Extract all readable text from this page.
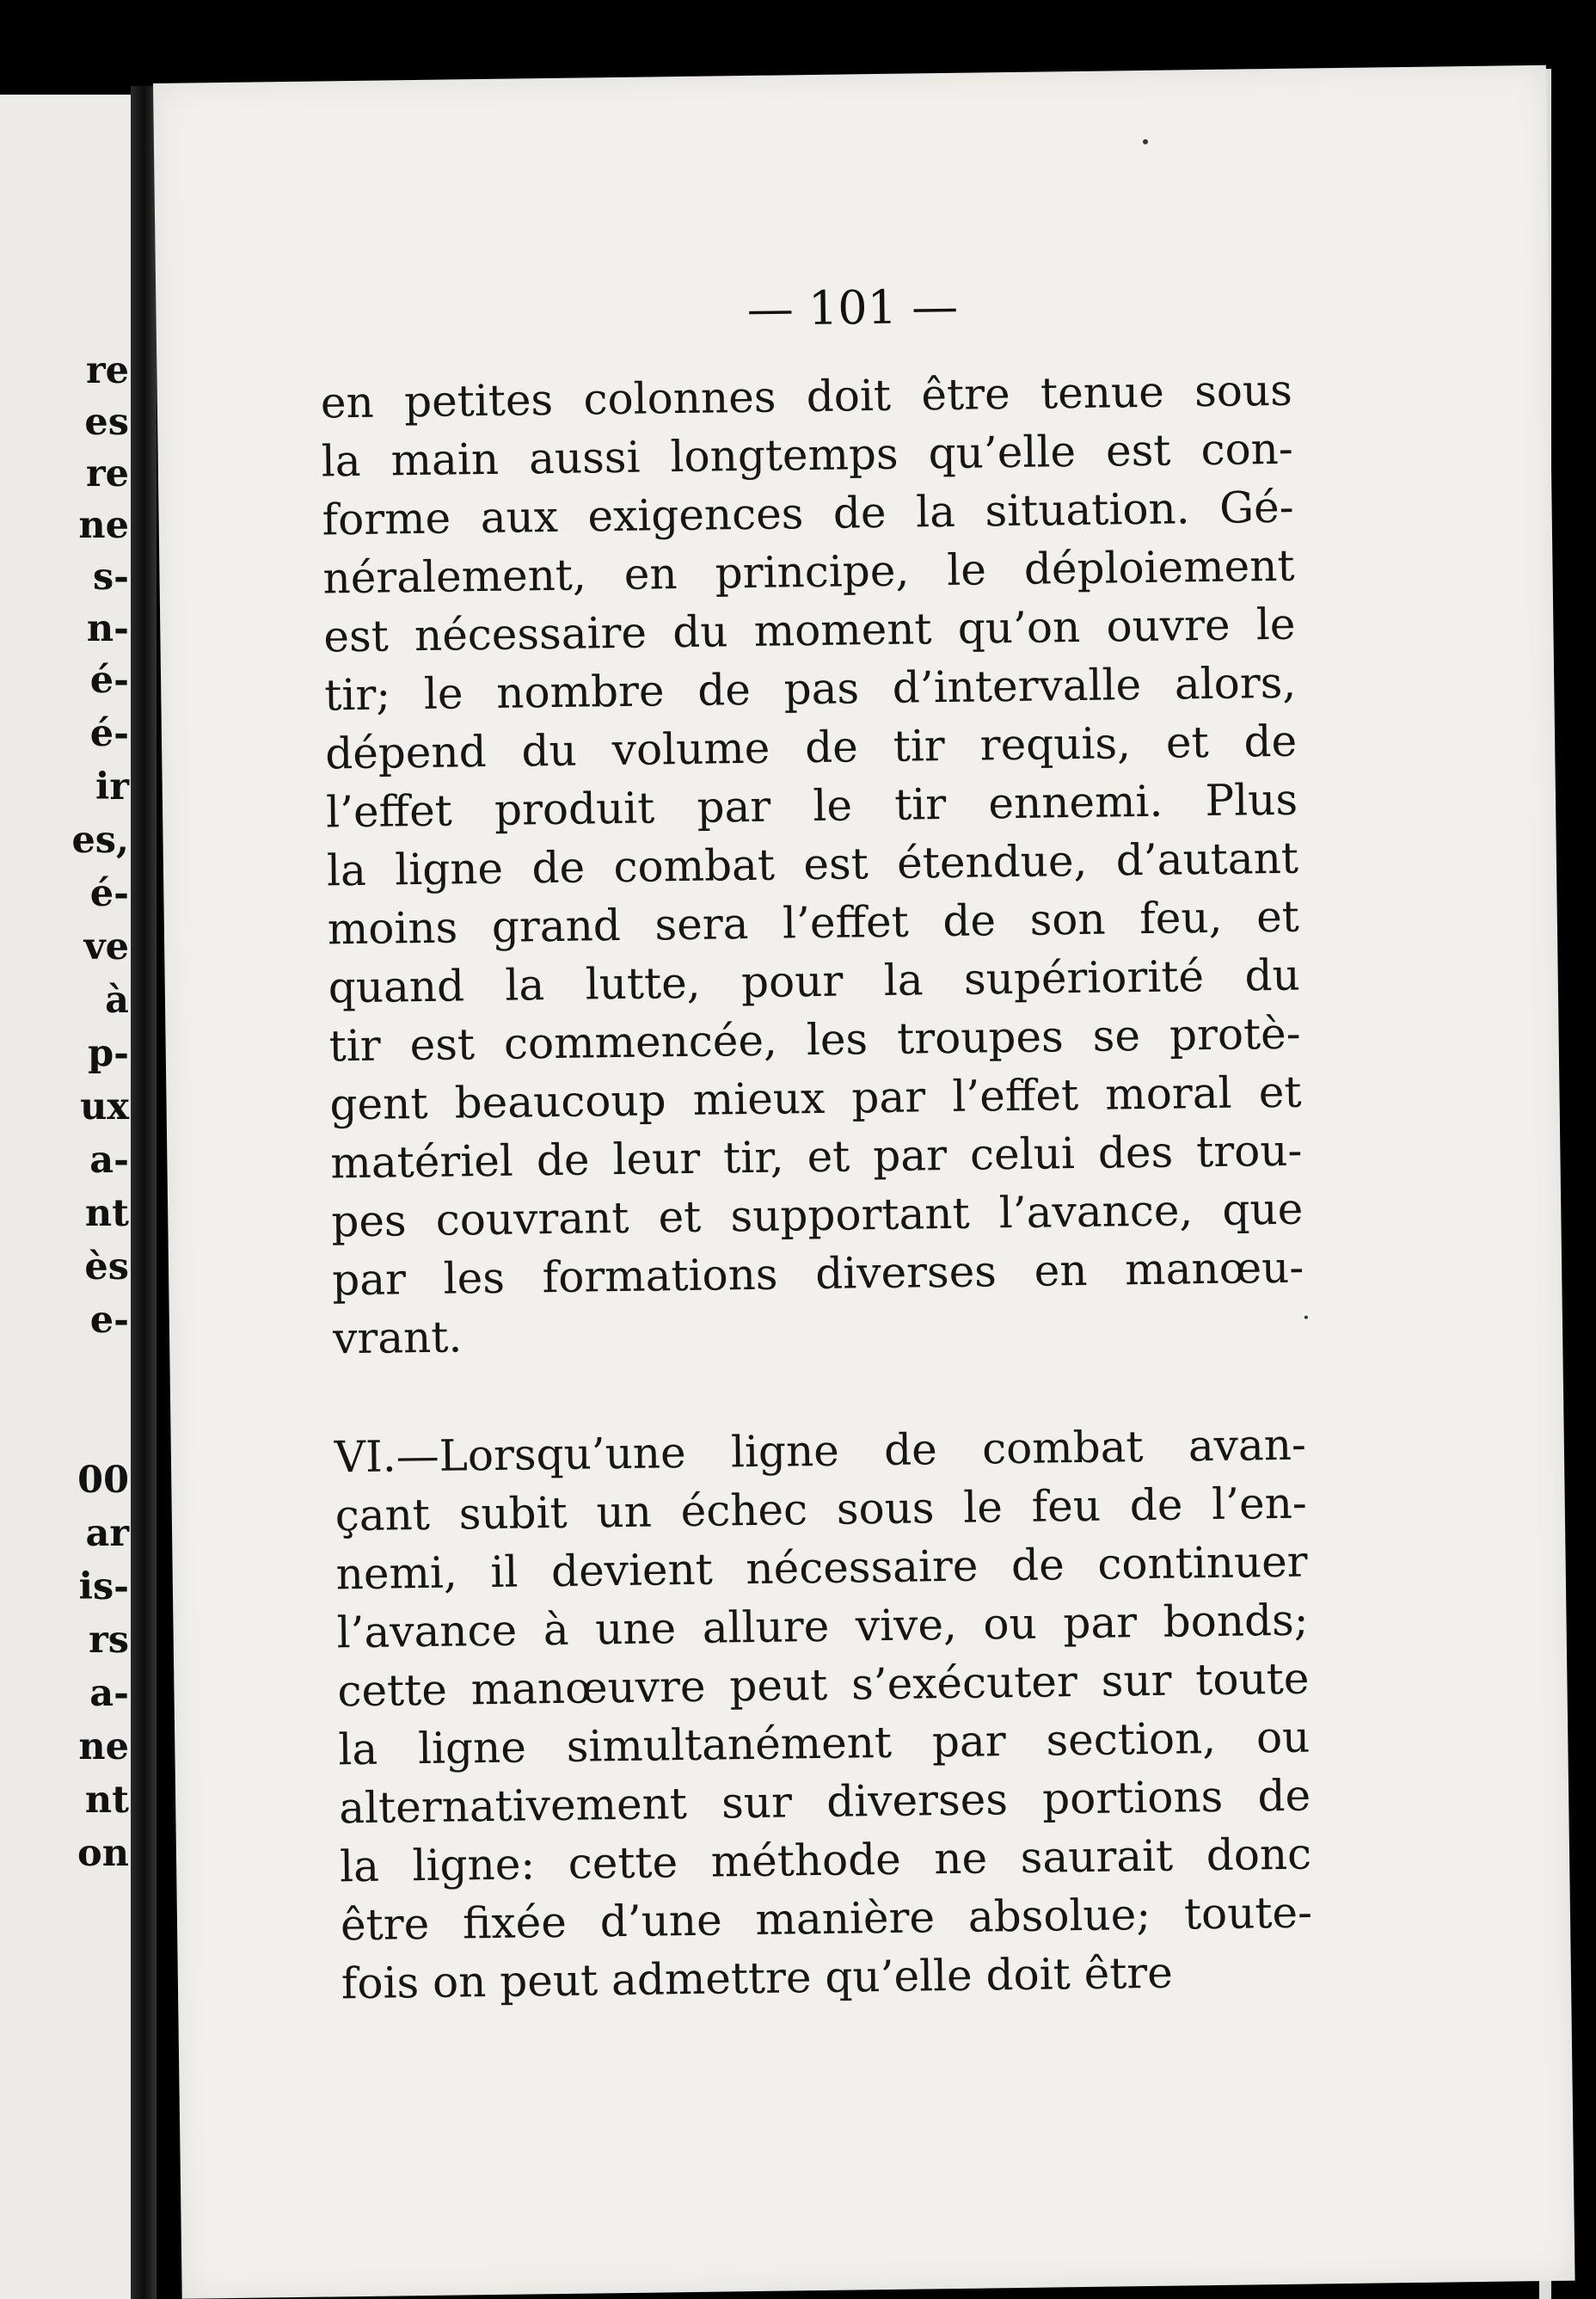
re

es

re

ne

s-

n-

é-

é-

ir

es,

é-

ve

à

p-

ux

a-

nt

ès

e-

00

ar

is-

rs

a-

ne

nt

on

— 101 —

en petites colonnes doit être tenue sous
la main aussi longtemps qu’elle est con-
forme aux exigences de la situation. Gé-
néralement, en principe, le déploiement
est nécessaire du moment qu’on ouvre le
tir; le nombre de pas d’intervalle alors,
dépend du volume de tir requis, et de
l’effet produit par le tir ennemi. Plus
la ligne de combat est étendue, d’autant
moins grand sera l’effet de son feu, et
quand la lutte, pour la supériorité du
tir est commencée, les troupes se protè-
gent beaucoup mieux par l’effet moral et
matériel de leur tir, et par celui des trou-
pes couvrant et supportant l’avance, que
par les formations diverses en manœu-
vrant.
VI.—Lorsqu’une ligne de combat avan-
çant subit un échec sous le feu de l’en-
nemi, il devient nécessaire de continuer
l’avance à une allure vive, ou par bonds;
cette manœuvre peut s’exécuter sur toute
la ligne simultanément par section, ou
alternativement sur diverses portions de
la ligne: cette méthode ne saurait donc
être fixée d’une manière absolue; toute-
fois on peut admettre qu’elle doit être
